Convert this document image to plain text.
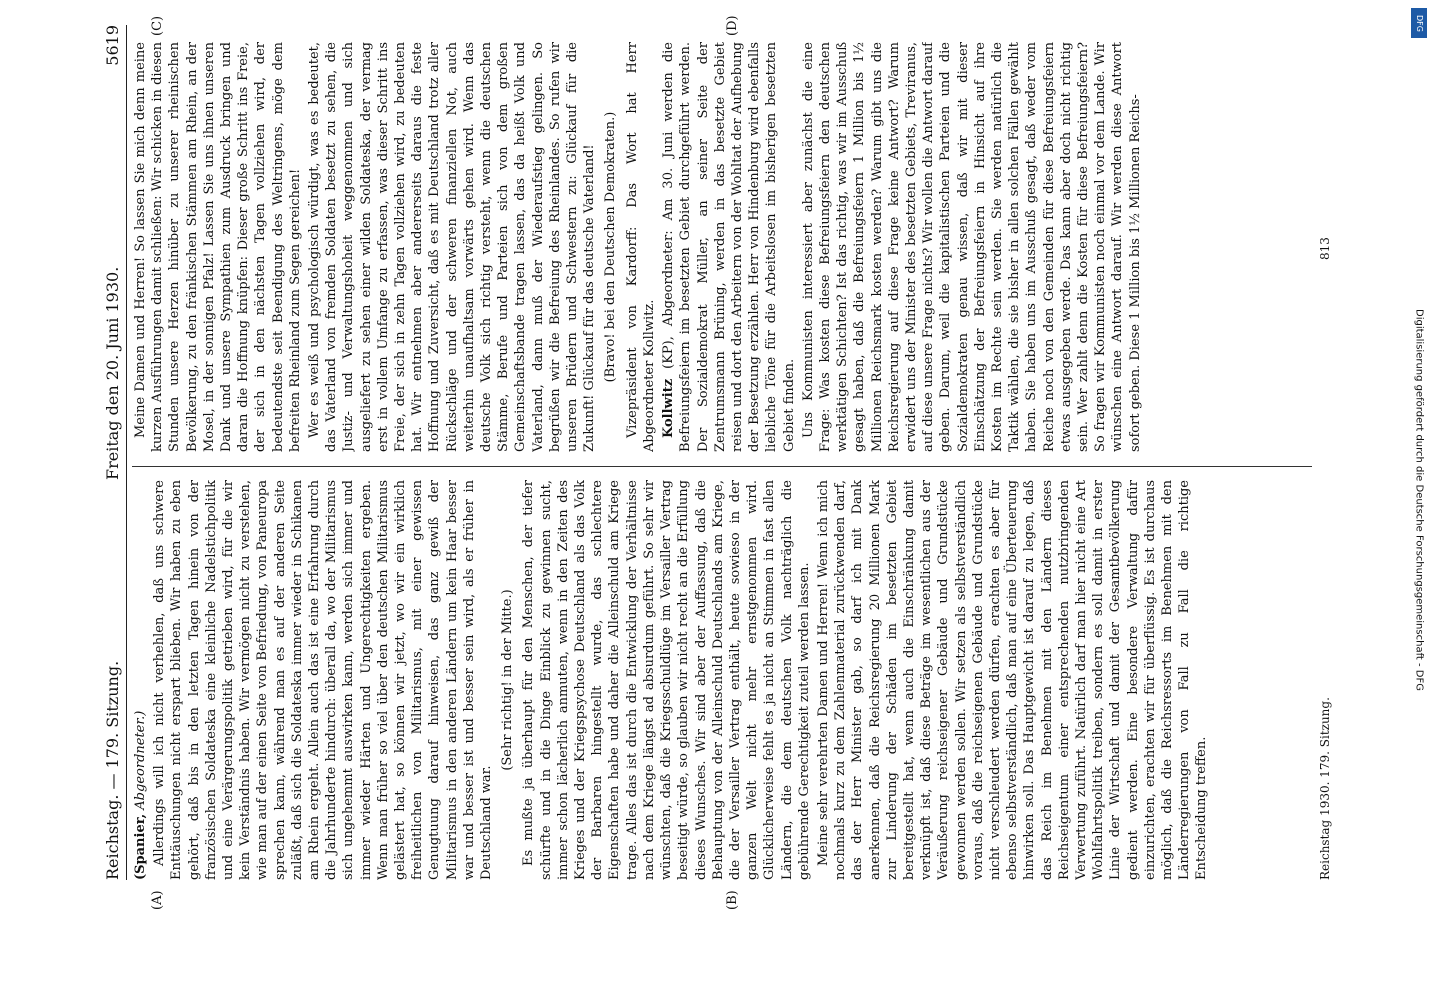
Reichstag. — 179. Sitzung.
Freitag den 20. Juni 1930.
5619
(A)	(B)
(C)	(D)

(Spanier, Abgeordneter.) Allerdings will ich nicht verhehlen, daß uns schwere Enttäuschungen nicht erspart blieben. Wir haben zu eben gehört, daß bis in den letzten Tagen hinein von der französischen Soldateska eine kleinliche Nadelstichpolitik und eine Verärgerungspolitik getrieben wird, für die wir kein Verständnis haben. Wir vermögen nicht zu verstehen, wie man auf der einen Seite von Befriedung, von Paneuropa sprechen kann, während man es auf der anderen Seite zuläßt, daß sich die Soldateska immer wieder in Schikanen am Rhein ergeht. Allein auch das ist eine Erfahrung durch die Jahrhunderte hindurch: überall da, wo der Militarismus sich ungehemmt auswirken kann, werden sich immer und immer wieder Härten und Ungerechtigkeiten ergeben. Wenn man früher so viel über den deutschen Militarismus gelästert hat, so können wir jetzt, wo wir ein wirklich freiheitlichen von Militarismus, mit einer gewissen Genugtuung darauf hinweisen, das ganz gewiß der Militarismus in den anderen Ländern um kein Haar besser war und besser ist und besser sein wird, als er früher in Deutschland war.

(Sehr richtig! in der Mitte.) Es mußte ja überhaupt für den Menschen, der tiefer schürfte und in die Dinge Einblick zu gewinnen sucht, immer schon lächerlich anmuten, wenn in den Zeiten des Krieges und der Kriegspsychose Deutschland als das Volk der Barbaren hingestellt wurde, das schlechtere Eigenschaften habe und daher die Alleinschuld am Kriege trage. Alles das ist durch die Entwicklung der Verhältnisse nach dem Kriege längst ad absurdum geführt. So sehr wir wünschten, daß die Kriegsschuldlüge im Versailler Vertrag beseitigt würde, so glauben wir nicht recht an die Erfüllung dieses Wunsches. Wir sind aber der Auffassung, daß die Behauptung von der Alleinschuld Deutschlands am Kriege, die der Versailler Vertrag enthält, heute sowieso in der ganzen Welt nicht mehr ernstgenommen wird. Glücklicherweise fehlt es ja nicht an Stimmen in fast allen Ländern, die dem deutschen Volk nachträglich die gebührende Gerechtigkeit zuteil werden lassen. Meine sehr verehrten Damen und Herren! Wenn ich mich nochmals kurz zu dem Zahlenmaterial zurückwenden darf, das der Herr Minister gab, so darf ich mit Dank anerkennen, daß die Reichsregierung 20 Millionen Mark zur Linderung der Schäden im besetzten Gebiet bereitgestellt hat, wenn auch die Einschränkung damit verknüpft ist, daß diese Beträge im wesentlichen aus der Veräußerung reichseigener Gebäude und Grundstücke gewonnen werden sollen. Wir setzen als selbstverständlich voraus, daß die reichseigenen Gebäude und Grundstücke nicht verschleudert werden dürfen, erachten es aber für ebenso selbstverständlich, daß man auf eine Überteuerung hinwirken soll. Das Hauptgewicht ist darauf zu legen, daß das Reich im Benehmen mit den Ländern dieses Reichseigentum einer entsprechenden nutzbringenden Verwertung zuführt. Natürlich darf man hier nicht eine Art Wohlfahrtspolitik treiben, sondern es soll damit in erster Linie der Wirtschaft und damit der Gesamtbevölkerung gedient werden. Eine besondere Verwaltung dafür einzurichten, erachten wir für überflüssig. Es ist durchaus möglich, daß die Reichsressorts im Benehmen mit den Länderregierungen von Fall zu Fall die richtige Entscheidung treffen.

Meine Damen und Herren! So lassen Sie mich denn meine kurzen Ausführungen damit schließen: Wir schicken in diesen Stunden unsere Herzen hinüber zu unserer rheinischen Bevölkerung, zu den fränkischen Stämmen am Rhein, an der Mosel, in der sonnigen Pfalz! Lassen Sie uns ihnen unseren Dank und unsere Sympathien zum Ausdruck bringen und daran die Hoffnung knüpfen: Dieser große Schritt ins Freie, der sich in den nächsten Tagen vollziehen wird, der bedeutendste seit Beendigung des Weltringens, möge dem befreiten Rheinland zum Segen gereichen! Wer es weiß und psychologisch würdigt, was es bedeutet, das Vaterland von fremden Soldaten besetzt zu sehen, die Justiz- und Verwaltungshoheit weggenommen und sich ausgeliefert zu sehen einer wilden Soldateska, der vermag erst in vollem Umfange zu erfassen, was dieser Schritt ins Freie, der sich in zehn Tagen vollziehen wird, zu bedeuten hat. Wir entnehmen aber andererseits daraus die feste Hoffnung und Zuversicht, daß es mit Deutschland trotz aller Rückschläge und der schweren finanziellen Not, auch weiterhin unaufhaltsam vorwärts gehen wird. Wenn das deutsche Volk sich richtig versteht, wenn die deutschen Stämme, Berufe und Parteien sich von dem großen Gemeinschaftsbande tragen lassen, das da heißt Volk und Vaterland, dann muß der Wiederaufstieg gelingen. So begrüßen wir die Befreiung des Rheinlandes. So rufen wir unseren Brüdern und Schwestern zu: Glückauf für die Zukunft! Glückauf für das deutsche Vaterland! (Bravo! bei den Deutschen Demokraten.) Vizepräsident von Kardorff: Das Wort hat Herr Abgeordneter Kollwitz. Kollwitz (KP), Abgeordneter: Am 30. Juni werden die Befreiungsfeiern im besetzten Gebiet durchgeführt werden. Der Sozialdemokrat Müller, an seiner Seite der Zentrumsmann Brüning, werden in das besetzte Gebiet reisen und dort den Arbeitern von der Wohltat der Aufhebung der Besetzung erzählen. Herr von Hindenburg wird ebenfalls liebliche Töne für die Arbeitslosen im bisherigen besetzten Gebiet finden. Uns Kommunisten interessiert aber zunächst die eine Frage: Was kosten diese Befreiungsfeiern den deutschen werktätigen Schichten? Ist das richtig, was wir im Ausschuß gesagt haben, daß die Befreiungsfeiern 1 Million bis 1½ Millionen Reichsmark kosten werden? Warum gibt uns die Reichsregierung auf diese Frage keine Antwort? Warum erwidert uns der Minister des besetzten Gebiets, Treviranus, auf diese unsere Frage nichts? Wir wollen die Antwort darauf geben. Darum, weil die kapitalistischen Parteien und die Sozialdemokraten genau wissen, daß wir mit dieser Einschätzung der Befreiungsfeiern in Hinsicht auf ihre Kosten im Rechte sein werden. Sie werden natürlich die Taktik wählen, die sie bisher in allen solchen Fällen gewählt haben. Sie haben uns im Ausschuß gesagt, daß weder vom Reiche noch von den Gemeinden für diese Befreiungsfeiern etwas ausgegeben werde. Das kann aber doch nicht richtig sein. Wer zahlt denn die Kosten für diese Befreiungsfeiern? So fragen wir Kommunisten noch einmal vor dem Lande. Wir wünschen eine Antwort darauf. Wir werden diese Antwort sofort geben. Diese 1 Million bis 1½ Millionen Reichs-

Reichstag 1930. 179. Sitzung.
813
DFG
Digitalisierung gefördert durch die Deutsche Forschungsgemeinschaft - DFG
